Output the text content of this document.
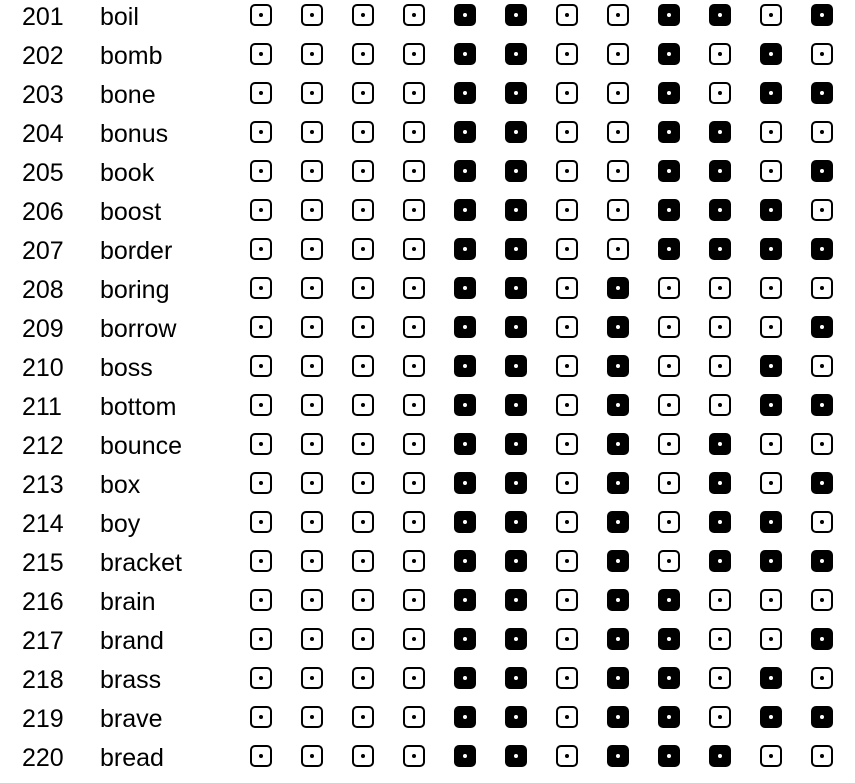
201 boil
202 bomb
203 bone
204 bonus
205 book
206 boost
207 border
208 boring
209 borrow
210 boss
211 bottom
212 bounce
213 box
214 boy
215 bracket
216 brain
217 brand
218 brass
219 brave
220 bread
